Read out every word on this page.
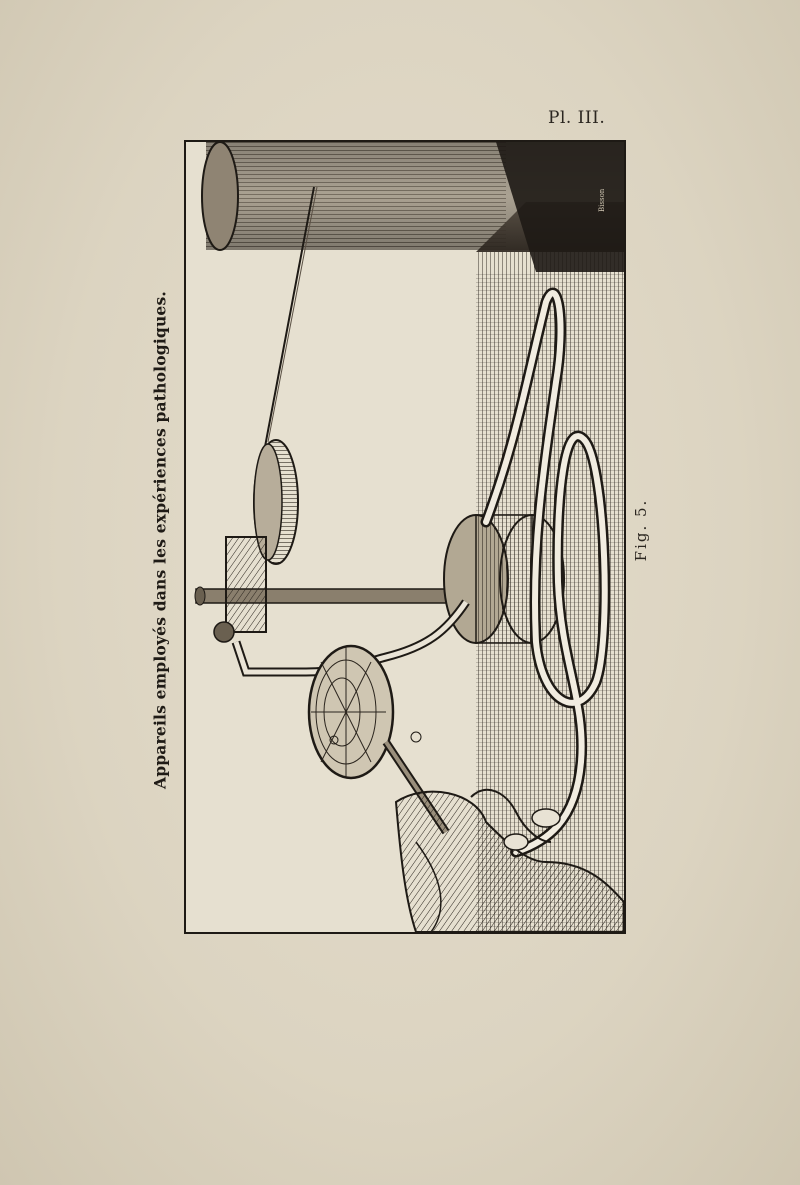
Pl. III.
Appareils employés dans les expériences pathologiques.	Fig. 5.
Bisson
